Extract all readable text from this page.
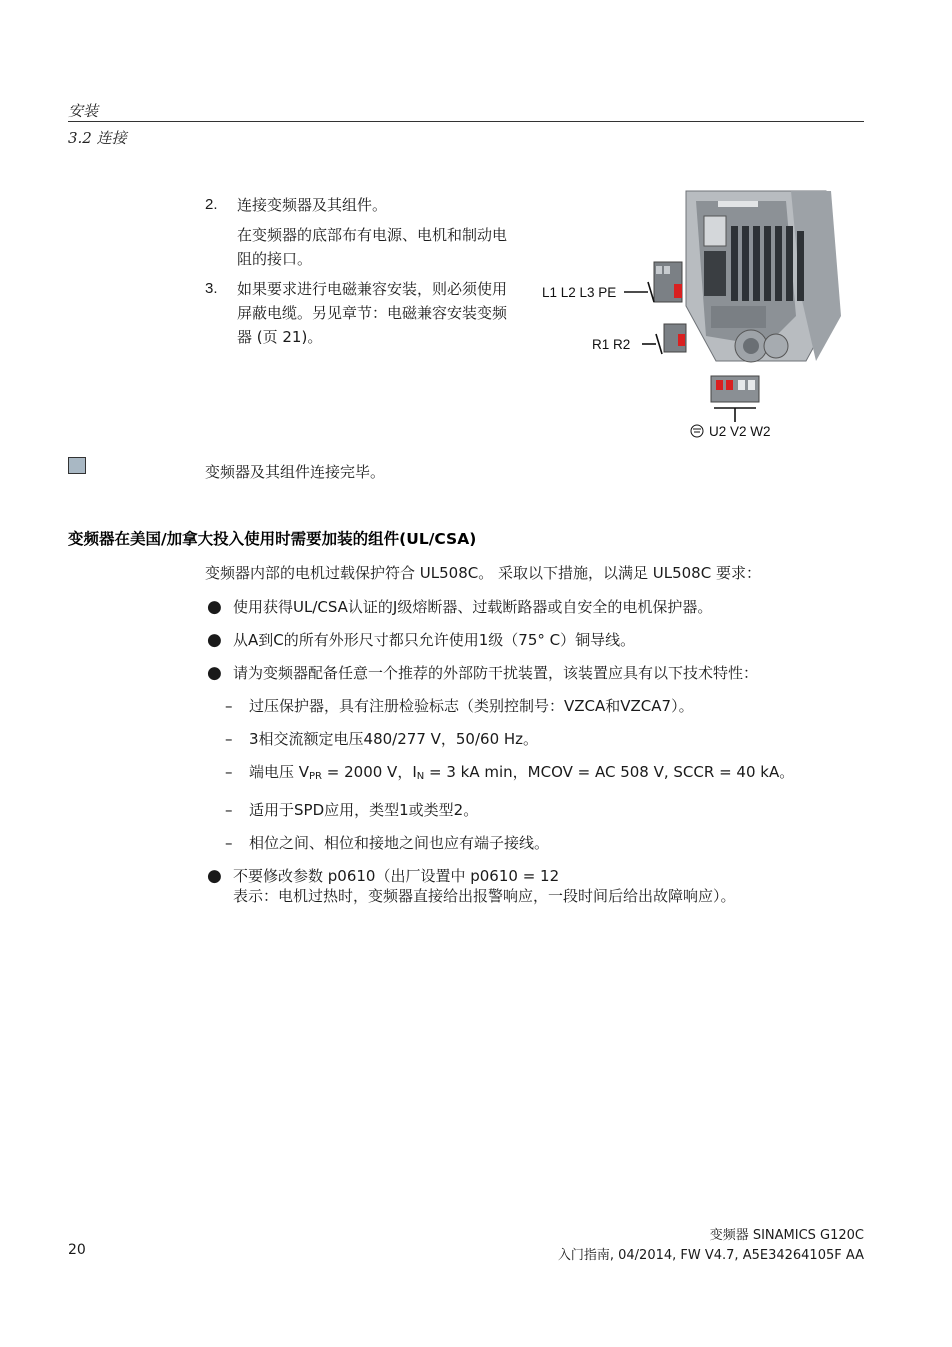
安装
3.2 连接
2.	连接变频器及其组件。
在变频器的底部布有电源、电机和制动电阻的接口。
3.	如果要求进行电磁兼容安装，则必须使用屏蔽电缆。另见章节：电磁兼容安装变频器 (页 21)。
L1 L2 L3 PE
R1 R2
U2 V2 W2
变频器及其组件连接完毕。
变频器在美国/加拿大投入使用时需要加装的组件(UL/CSA)
变频器内部的电机过载保护符合 UL508C。 采取以下措施，以满足 UL508C 要求：
● 使用获得UL/CSA认证的J级熔断器、过载断路器或自安全的电机保护器。
● 从A到C的所有外形尺寸都只允许使用1级（75° C）铜导线。
● 请为变频器配备任意一个推荐的外部防干扰装置，该装置应具有以下技术特性：
–	过压保护器，具有注册检验标志（类别控制号：VZCA和VZCA7）。
–	3相交流额定电压480/277 V，50/60 Hz。
–	端电压 $V_{PR} = 2000$ V，$I_N = 3$ kA min，MCOV = AC 508 V, SCCR = 40 kA。
–	适用于SPD应用，类型1或类型2。
–	相位之间、相位和接地之间也应有端子接线。
● 不要修改参数 p0610（出厂设置中 p0610 = 12
表示：电机过热时，变频器直接给出报警响应，一段时间后给出故障响应）。
20
变频器 SINAMICS G120C
入门指南, 04/2014, FW V4.7, A5E34264105F AA
